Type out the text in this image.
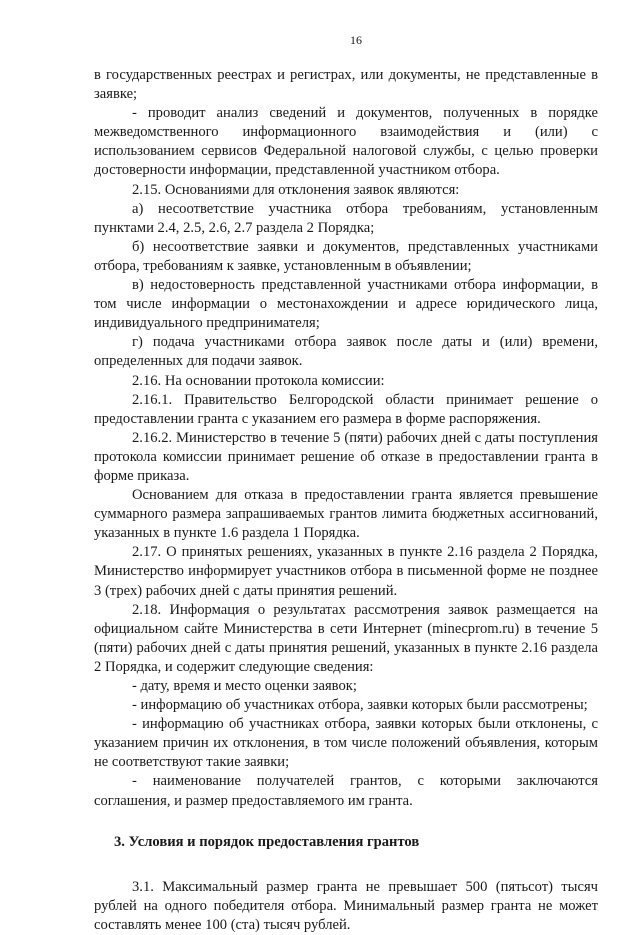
16

в государственных реестрах и регистрах, или документы, не представленные в заявке;

- проводит анализ сведений и документов, полученных в порядке межведомственного информационного взаимодействия и (или) с использованием сервисов Федеральной налоговой службы, с целью проверки достоверности информации, представленной участником отбора.

2.15. Основаниями для отклонения заявок являются:

а) несоответствие участника отбора требованиям, установленным пунктами 2.4, 2.5, 2.6, 2.7 раздела 2 Порядка;

б) несоответствие заявки и документов, представленных участниками отбора, требованиям к заявке, установленным в объявлении;

в) недостоверность представленной участниками отбора информации, в том числе информации о местонахождении и адресе юридического лица, индивидуального предпринимателя;

г) подача участниками отбора заявок после даты и (или) времени, определенных для подачи заявок.

2.16. На основании протокола комиссии:

2.16.1. Правительство Белгородской области принимает решение о предоставлении гранта с указанием его размера в форме распоряжения.

2.16.2. Министерство в течение 5 (пяти) рабочих дней с даты поступления протокола комиссии принимает решение об отказе в предоставлении гранта в форме приказа.

Основанием для отказа в предоставлении гранта является превышение суммарного размера запрашиваемых грантов лимита бюджетных ассигнований, указанных в пункте 1.6 раздела 1 Порядка.

2.17. О принятых решениях, указанных в пункте 2.16 раздела 2 Порядка, Министерство информирует участников отбора в письменной форме не позднее 3 (трех) рабочих дней с даты принятия решений.

2.18. Информация о результатах рассмотрения заявок размещается на официальном сайте Министерства в сети Интернет (minecprom.ru) в течение 5 (пяти) рабочих дней с даты принятия решений, указанных в пункте 2.16 раздела 2 Порядка, и содержит следующие сведения:

- дату, время и место оценки заявок;

- информацию об участниках отбора, заявки которых были рассмотрены;

- информацию об участниках отбора, заявки которых были отклонены, с указанием причин их отклонения, в том числе положений объявления, которым не соответствуют такие заявки;

- наименование получателей грантов, с которыми заключаются соглашения, и размер предоставляемого им гранта.

3. Условия и порядок предоставления грантов

3.1. Максимальный размер гранта не превышает 500 (пятьсот) тысяч рублей на одного победителя отбора. Минимальный размер гранта не может составлять менее 100 (ста) тысяч рублей.
